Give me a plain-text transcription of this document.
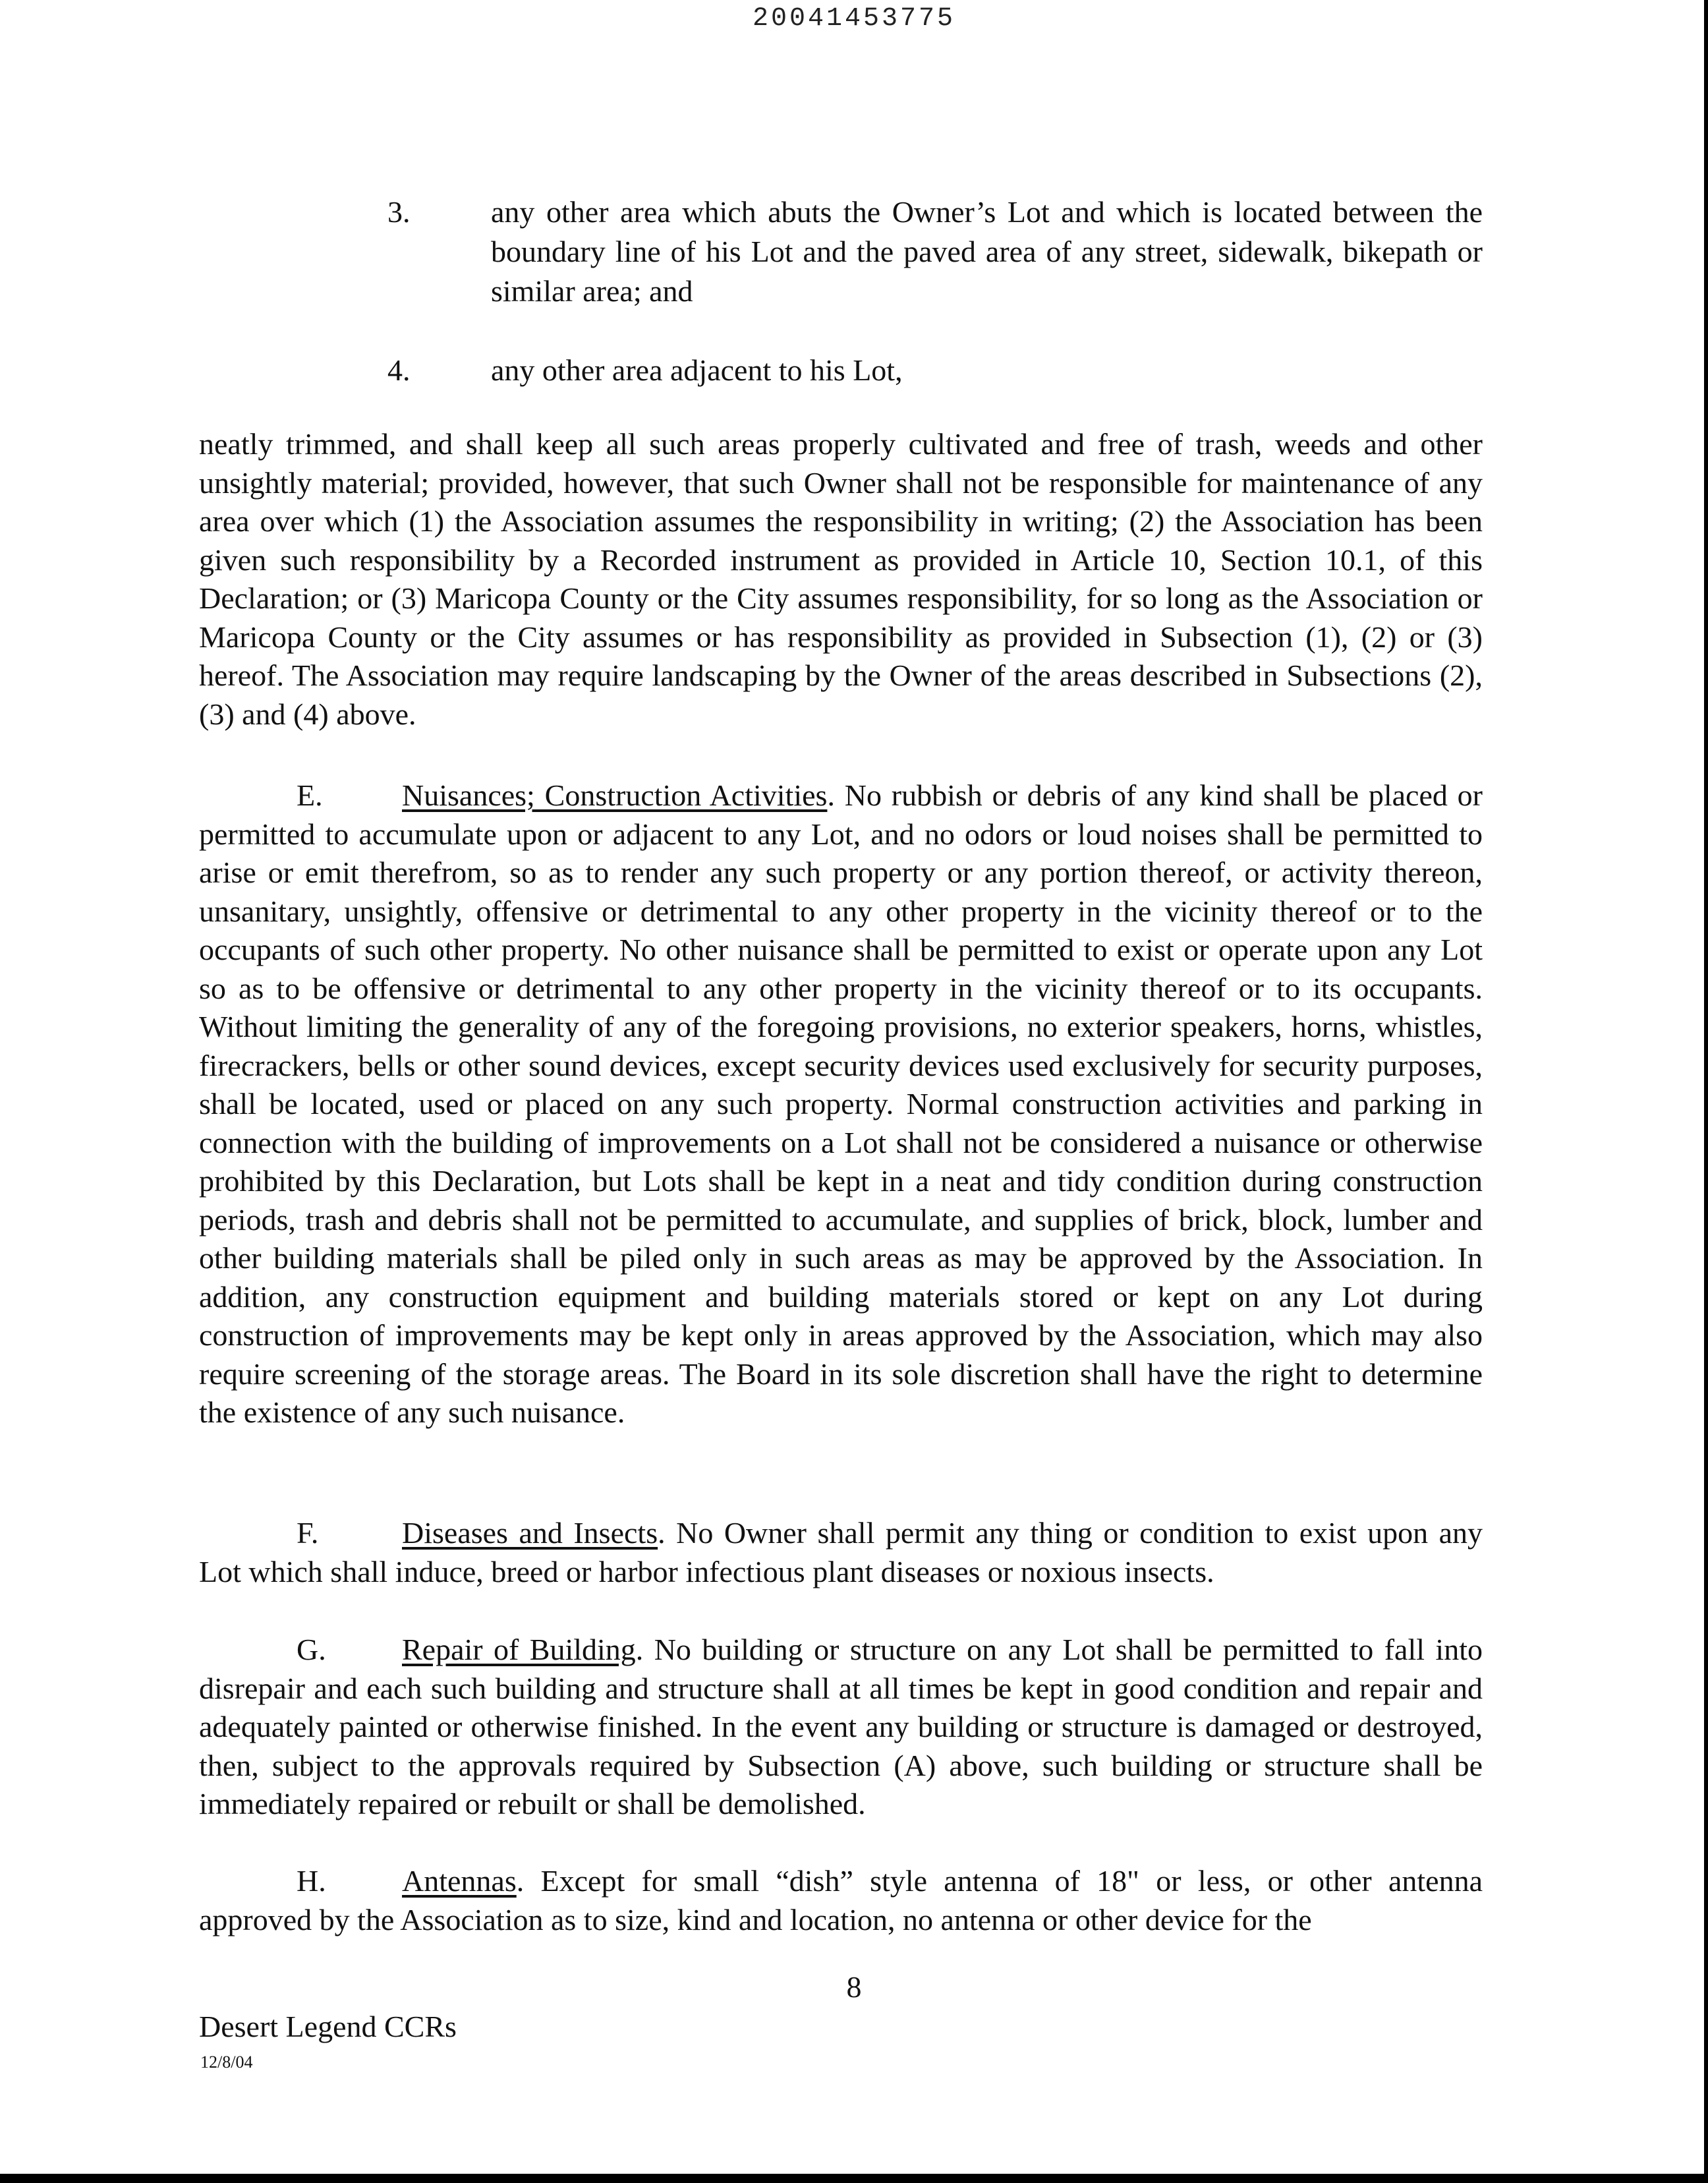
20041453775
3.	any other area which abuts the Owner’s Lot and which is located between the boundary line of his Lot and the paved area of any street, sidewalk, bikepath or similar area; and
4.	any other area adjacent to his Lot,
neatly trimmed, and shall keep all such areas properly cultivated and free of trash, weeds and other unsightly material; provided, however, that such Owner shall not be responsible for maintenance of any area over which (1) the Association assumes the responsibility in writing; (2) the Association has been given such responsibility by a Recorded instrument as provided in Article 10, Section 10.1, of this Declaration; or (3) Maricopa County or the City assumes responsibility, for so long as the Association or Maricopa County or the City assumes or has responsibility as provided in Subsection (1), (2) or (3) hereof. The Association may require landscaping by the Owner of the areas described in Subsections (2), (3) and (4) above.
E.	Nuisances; Construction Activities. No rubbish or debris of any kind shall be placed or permitted to accumulate upon or adjacent to any Lot, and no odors or loud noises shall be permitted to arise or emit therefrom, so as to render any such property or any portion thereof, or activity thereon, unsanitary, unsightly, offensive or detrimental to any other property in the vicinity thereof or to the occupants of such other property. No other nuisance shall be permitted to exist or operate upon any Lot so as to be offensive or detrimental to any other property in the vicinity thereof or to its occupants. Without limiting the generality of any of the foregoing provisions, no exterior speakers, horns, whistles, firecrackers, bells or other sound devices, except security devices used exclusively for security purposes, shall be located, used or placed on any such property. Normal construction activities and parking in connection with the building of improvements on a Lot shall not be considered a nuisance or otherwise prohibited by this Declaration, but Lots shall be kept in a neat and tidy condition during construction periods, trash and debris shall not be permitted to accumulate, and supplies of brick, block, lumber and other building materials shall be piled only in such areas as may be approved by the Association. In addition, any construction equipment and building materials stored or kept on any Lot during construction of improvements may be kept only in areas approved by the Association, which may also require screening of the storage areas. The Board in its sole discretion shall have the right to determine the existence of any such nuisance.
F.	Diseases and Insects. No Owner shall permit any thing or condition to exist upon any Lot which shall induce, breed or harbor infectious plant diseases or noxious insects.
G.	Repair of Building. No building or structure on any Lot shall be permitted to fall into disrepair and each such building and structure shall at all times be kept in good condition and repair and adequately painted or otherwise finished. In the event any building or structure is damaged or destroyed, then, subject to the approvals required by Subsection (A) above, such building or structure shall be immediately repaired or rebuilt or shall be demolished.
H.	Antennas. Except for small “dish” style antenna of 18" or less, or other antenna approved by the Association as to size, kind and location, no antenna or other device for the
8
Desert Legend CCRs
12/8/04
